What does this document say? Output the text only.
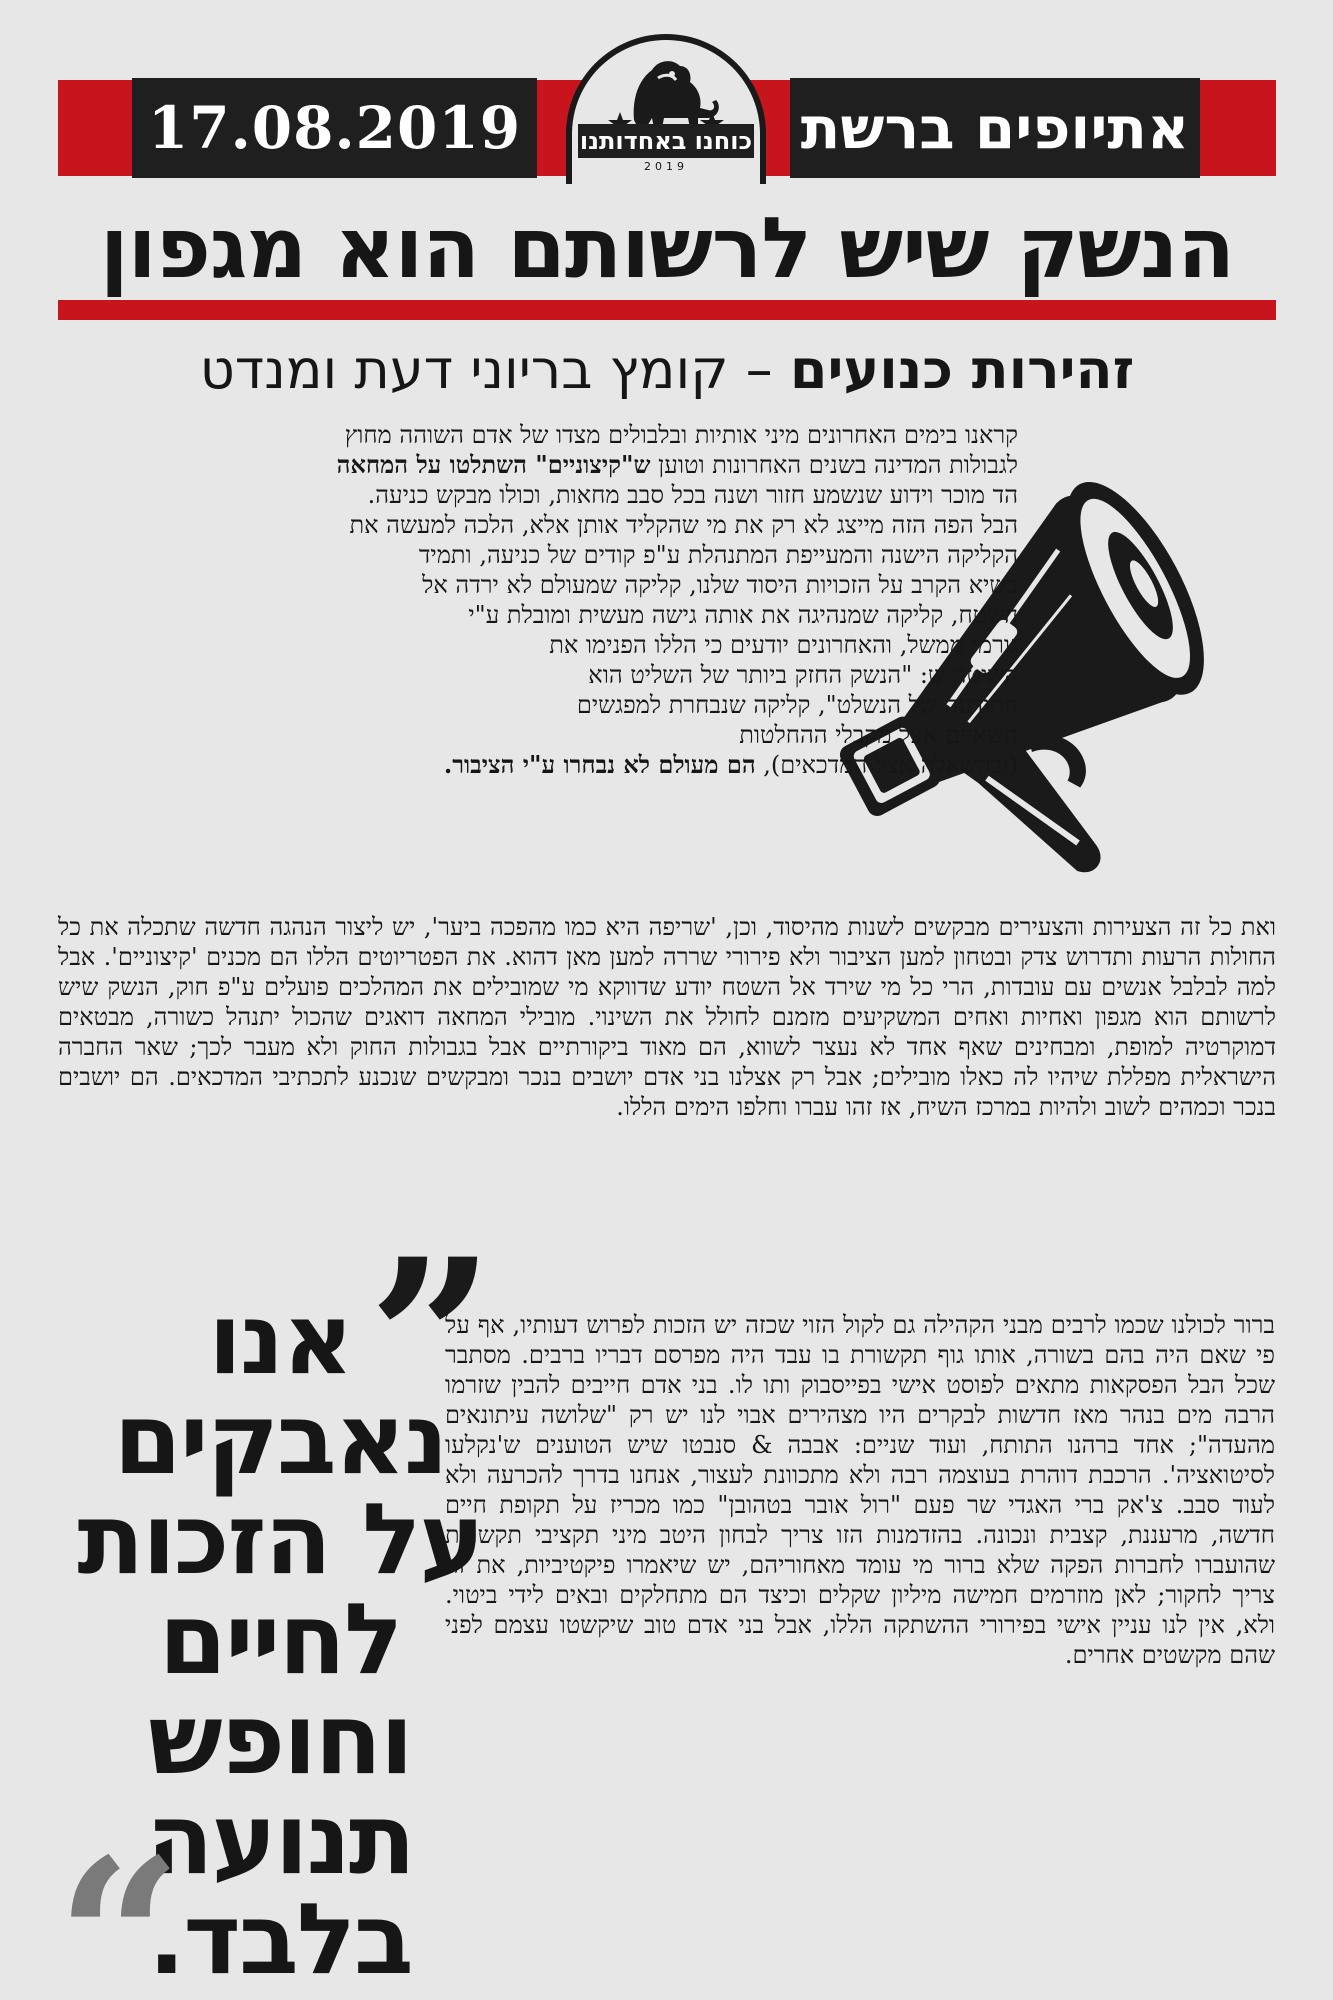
17.08.2019	אתיופים ברשת
כוחנו באחדותנו
2019
הנשק שיש לרשותם הוא מגפון
זהירות כנועים – קומץ בריוני דעת ומנדט
קראנו בימים האחרונים מיני אותיות ובלבולים מצדו של אדם השוהה מחוץ
לגבולות המדינה בשנים האחרונות וטוען ש"קיצוניים" השתלטו על המחאה
הד מוכר וידוע שנשמע חזור ושנה בכל סבב מחאות, וכולו מבקש כניעה.
הבל הפה הזה מייצג לא רק את מי שהקליד אותן אלא, הלכה למעשה את
הקליקה הישנה והמעייפת המתנהלת ע"פ קודים של כניעה, ותמיד
בשיא הקרב על הזכויות היסוד שלנו, קליקה שמעולם לא ירדה אל
השטח, קליקה שמנהיגה את אותה גישה מעשית ומובלת ע"י
גורמי ממשל, והאחרונים יודעים כי הללו הפנימו את
השיטה ש: "הנשק החזק ביותר של השליט הוא
התודעה של הנשלט", קליקה שנבחרת למפגשים
חשאיים אצל מקבלי ההחלטות
(ובהשאלה אצל המדכאים), הם מעולם לא נבחרו ע"י הציבור.
ואת כל זה הצעירות והצעירים מבקשים לשנות מהיסוד, וכן, 'שריפה היא כמו מהפכה ביער', יש ליצור הנהגה חדשה שתכלה את כל החולות הרעות ותדרוש צדק ובטחון למען הציבור ולא פירורי שררה למען מאן דהוא. את הפטריוטים הללו הם מכנים 'קיצוניים'. אבל למה לבלבל אנשים עם עובדות, הרי כל מי שירד אל השטח יודע שדווקא מי שמובילים את המהלכים פועלים ע"פ חוק, הנשק שיש לרשותם הוא מגפון ואחיות ואחים המשקיעים מזמנם לחולל את השינוי. מובילי המחאה דואגים שהכול יתנהל כשורה, מבטאים דמוקרטיה למופת, ומבחינים שאף אחד לא נעצר לשווא, הם מאוד ביקורתיים אבל בגבולות החוק ולא מעבר לכך; שאר החברה הישראלית מפללת שיהיו לה כאלו מובילים; אבל רק אצלנו בני אדם יושבים בנכר ומבקשים שנכנע לתכתיבי המדכאים. הם יושבים בנכר וכמהים לשוב ולהיות במרכז השיח, אז זהו עברו וחלפו הימים הללו.
ברור לכולנו שכמו לרבים מבני הקהילה גם לקול הזוי שכזה יש הזכות לפרוש דעותיו, אף על פי שאם היה בהם בשורה, אותו גוף תקשורת בו עבד היה מפרסם דבריו ברבים. מסתבר שכל הבל הפסקאות מתאים לפוסט אישי בפייסבוק ותו לו. בני אדם חייבים להבין שזרמו הרבה מים בנהר מאז חדשות לבקרים היו מצהירים אבוי לנו יש רק "שלושה עיתונאים מהעדה"; אחד ברהנו התותח, ועוד שניים: אבבה & סנבטו שיש הטוענים ש'נקלעו לסיטואציה'. הרכבת דוהרת בעוצמה רבה ולא מתכוונת לעצור, אנחנו בדרך להכרעה ולא לעוד סבב. צ'אק ברי האגדי שר פעם "רול אובר בטהובן" כמו מכריז על תקופת חיים חדשה, מרעננת, קצבית ונכונה. בהזדמנות הזו צריך לבחון היטב מיני תקציבי תקשורת שהועברו לחברות הפקה שלא ברור מי עומד מאחוריהם, יש שיאמרו פיקטיביות, את זה צריך לחקור; לאן מוזרמים חמישה מיליון שקלים וכיצד הם מתחלקים ובאים לידי ביטוי. ולא, אין לנו עניין אישי בפירורי ההשתקה הללו, אבל בני אדם טוב שיקשטו עצמם לפני שהם מקשטים אחרים.
”
אנו
נאבקים
על הזכות
לחיים
וחופש
תנועה
בלבד.
“
